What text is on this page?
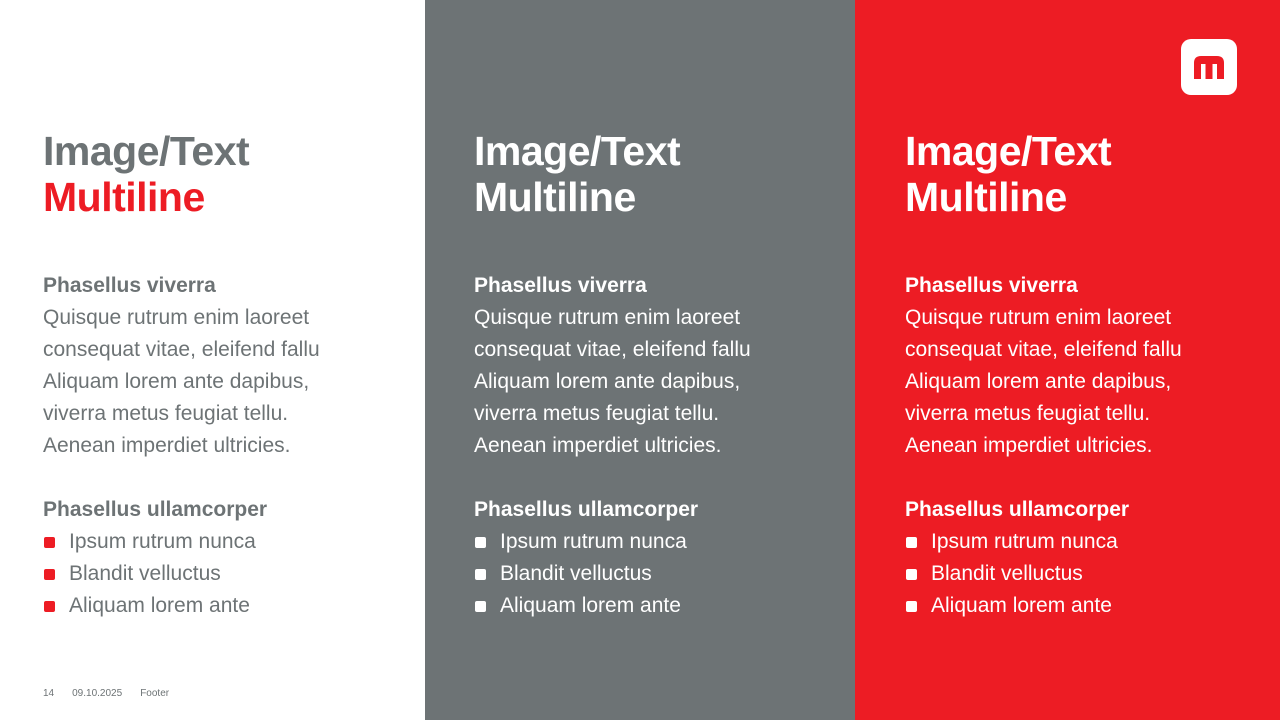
Image/Text
Multiline

Phasellus viverra

Quisque rutrum enim laoreet
consequat vitae, eleifend fallu
Aliquam lorem ante dapibus,
viverra metus feugiat tellu.
Aenean imperdiet ultricies.

Phasellus ullamcorper

Ipsum rutrum nunca
Blandit velluctus
Aliquam lorem ante
14 09.10.2025 Footer
Image/Text
Multiline

Phasellus viverra

Quisque rutrum enim laoreet
consequat vitae, eleifend fallu
Aliquam lorem ante dapibus,
viverra metus feugiat tellu.
Aenean imperdiet ultricies.

Phasellus ullamcorper

Ipsum rutrum nunca
Blandit velluctus
Aliquam lorem ante
Image/Text
Multiline

Phasellus viverra

Quisque rutrum enim laoreet
consequat vitae, eleifend fallu
Aliquam lorem ante dapibus,
viverra metus feugiat tellu.
Aenean imperdiet ultricies.

Phasellus ullamcorper

Ipsum rutrum nunca
Blandit velluctus
Aliquam lorem ante
